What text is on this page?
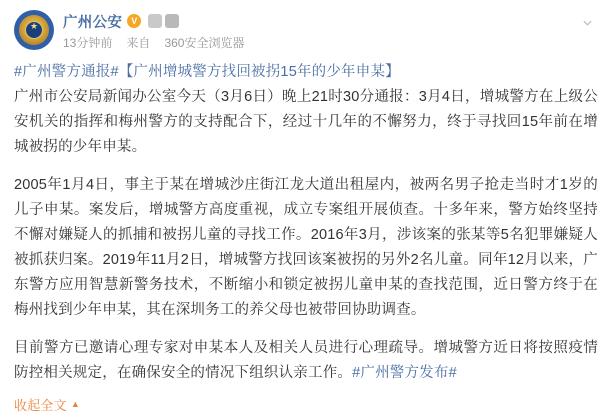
★
广州公安 V
13分钟前 来自 360安全浏览器
#广州警方通报#【广州增城警方找回被拐15年的少年申某】

广州市公安局新闻办公室今天（3月6日）晚上21时30分通报：3月4日，增城警方在上级公安机关的指挥和梅州警方的支持配合下，经过十几年的不懈努力，终于寻找回15年前在增城被拐的少年申某。

2005年1月4日，事主于某在增城沙庄街江龙大道出租屋内，被两名男子抢走当时才1岁的儿子申某。案发后，增城警方高度重视，成立专案组开展侦查。十多年来，警方始终坚持不懈对嫌疑人的抓捕和被拐儿童的寻找工作。2016年3月，涉该案的张某等5名犯罪嫌疑人被抓获归案。2019年11月2日，增城警方找回该案被拐的另外2名儿童。同年12月以来，广东警方应用智慧新警务技术，不断缩小和锁定被拐儿童申某的查找范围，近日警方终于在梅州找到少年申某，其在深圳务工的养父母也被带回协助调查。

目前警方已邀请心理专家对申某本人及相关人员进行心理疏导。增城警方近日将按照疫情防控相关规定，在确保安全的情况下组织认亲工作。#广州警方发布#

收起全文 ▲
